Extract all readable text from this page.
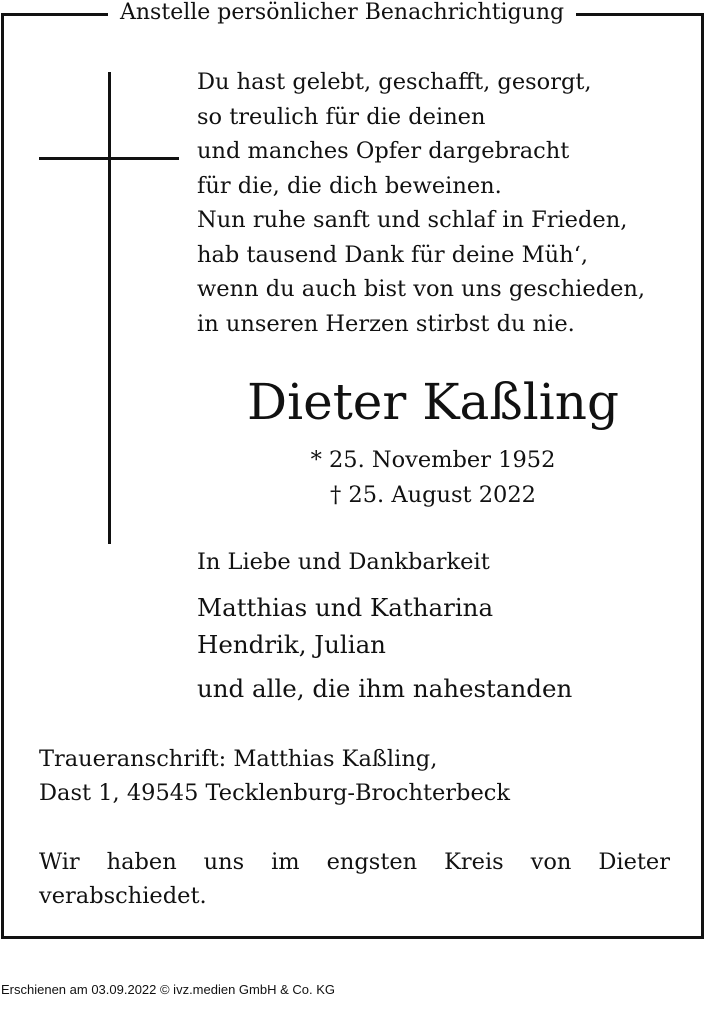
Anstelle persönlicher Benachrichtigung
Du hast gelebt, geschafft, gesorgt,
so treulich für die deinen
und manches Opfer dargebracht
für die, die dich beweinen.
Nun ruhe sanft und schlaf in Frieden,
hab tausend Dank für deine Müh‘,
wenn du auch bist von uns geschieden,
in unseren Herzen stirbst du nie.
Dieter Kaßling
* 25. November 1952
† 25. August 2022
In Liebe und Dankbarkeit
Matthias und Katharina
Hendrik, Julian
und alle, die ihm nahestanden
Traueranschrift: Matthias Kaßling,
Dast 1, 49545 Tecklenburg-Brochterbeck
Wir haben uns im engsten Kreis von Dieter
verabschiedet.
Erschienen am 03.09.2022 © ivz.medien GmbH & Co. KG
